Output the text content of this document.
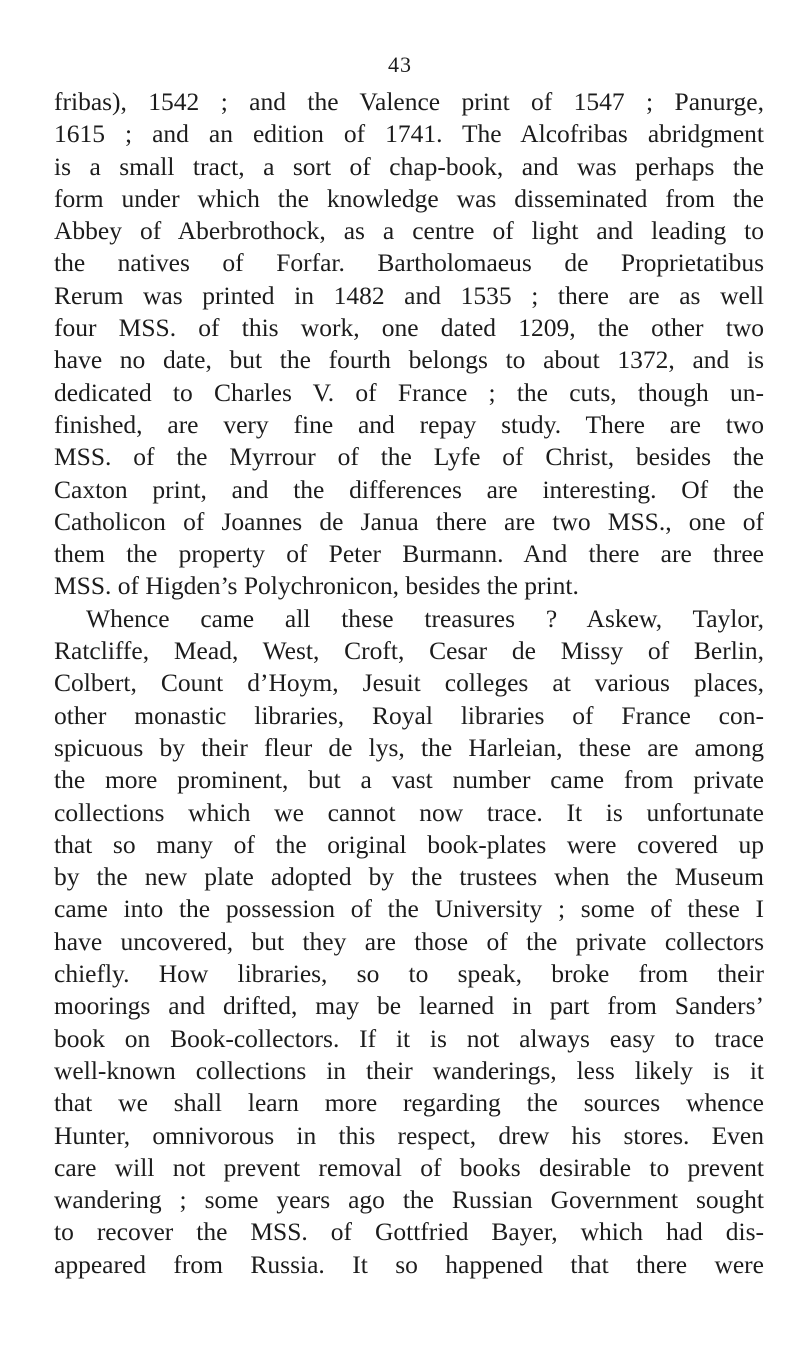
43
fribas), 1542 ; and the Valence print of 1547 ; Panurge,
1615 ; and an edition of 1741. The Alcofribas abridgment
is a small tract, a sort of chap-book, and was perhaps the
form under which the knowledge was disseminated from the
Abbey of Aberbrothock, as a centre of light and leading to
the natives of Forfar. Bartholomaeus de Proprietatibus
Rerum was printed in 1482 and 1535 ; there are as well
four MSS. of this work, one dated 1209, the other two
have no date, but the fourth belongs to about 1372, and is
dedicated to Charles V. of France ; the cuts, though un-
finished, are very fine and repay study. There are two
MSS. of the Myrrour of the Lyfe of Christ, besides the
Caxton print, and the differences are interesting. Of the
Catholicon of Joannes de Janua there are two MSS., one of
them the property of Peter Burmann. And there are three
MSS. of Higden’s Polychronicon, besides the print.
Whence came all these treasures ? Askew, Taylor,
Ratcliffe, Mead, West, Croft, Cesar de Missy of Berlin,
Colbert, Count d’Hoym, Jesuit colleges at various places,
other monastic libraries, Royal libraries of France con-
spicuous by their fleur de lys, the Harleian, these are among
the more prominent, but a vast number came from private
collections which we cannot now trace. It is unfortunate
that so many of the original book-plates were covered up
by the new plate adopted by the trustees when the Museum
came into the possession of the University ; some of these I
have uncovered, but they are those of the private collectors
chiefly. How libraries, so to speak, broke from their
moorings and drifted, may be learned in part from Sanders’
book on Book-collectors. If it is not always easy to trace
well-known collections in their wanderings, less likely is it
that we shall learn more regarding the sources whence
Hunter, omnivorous in this respect, drew his stores. Even
care will not prevent removal of books desirable to prevent
wandering ; some years ago the Russian Government sought
to recover the MSS. of Gottfried Bayer, which had dis-
appeared from Russia. It so happened that there were
